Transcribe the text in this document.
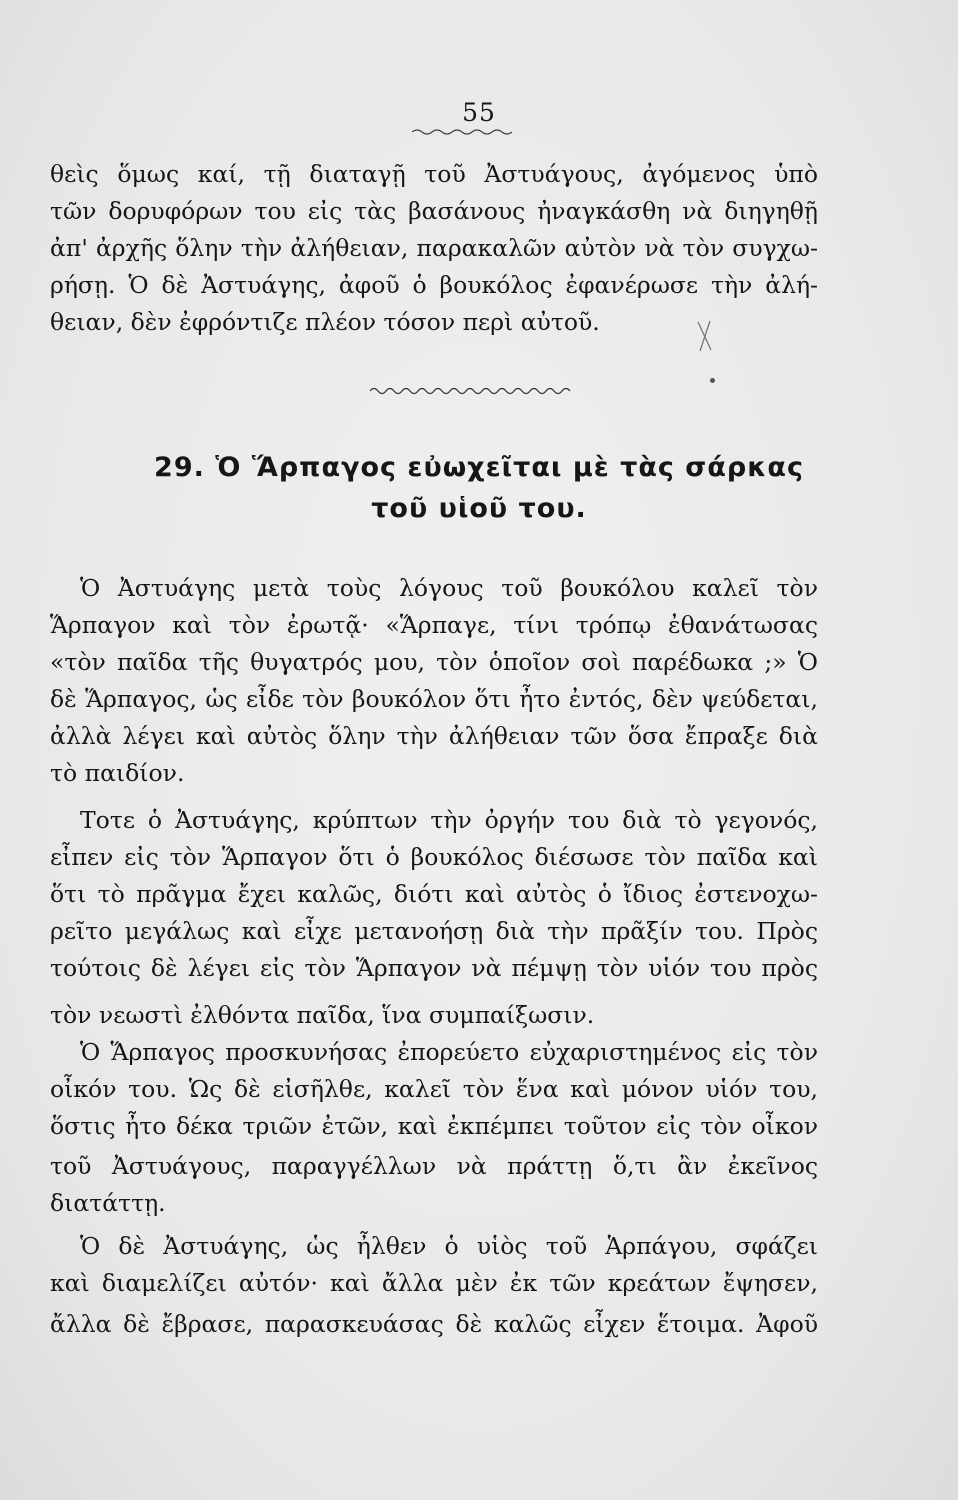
55
θεὶς ὅμως καί, τῇ διαταγῇ τοῦ Ἀστυάγους, ἀγόμενος ὑπὸ
τῶν δορυφόρων του εἰς τὰς βασάνους ἠναγκάσθη νὰ διηγηθῇ
ἀπ' ἀρχῆς ὅλην τὴν ἀλήθειαν, παρακαλῶν αὐτὸν νὰ τὸν συγχω-
ρήσῃ. Ὁ δὲ Ἀστυάγης, ἀφοῦ ὁ βουκόλος ἐφανέρωσε τὴν ἀλή-
θειαν, δὲν ἐφρόντιζε πλέον τόσον περὶ αὐτοῦ.
29. Ὁ Ἅρπαγος εὐωχεῖται μὲ τὰς σάρκας
τοῦ υἱοῦ του.
Ὁ Ἀστυάγης μετὰ τοὺς λόγους τοῦ βουκόλου καλεῖ τὸν
Ἅρπαγον καὶ τὸν ἐρωτᾷ· «Ἅρπαγε, τίνι τρόπῳ ἐθανάτωσας
«τὸν παῖδα τῆς θυγατρός μου, τὸν ὁποῖον σοὶ παρέδωκα ;» Ὁ
δὲ Ἅρπαγος, ὡς εἶδε τὸν βουκόλον ὅτι ἦτο ἐντός, δὲν ψεύδεται,
ἀλλὰ λέγει καὶ αὐτὸς ὅλην τὴν ἀλήθειαν τῶν ὅσα ἔπραξε διὰ
τὸ παιδίον.
Τοτε ὁ Ἀστυάγης, κρύπτων τὴν ὀργήν του διὰ τὸ γεγονός,
εἶπεν εἰς τὸν Ἅρπαγον ὅτι ὁ βουκόλος διέσωσε τὸν παῖδα καὶ
ὅτι τὸ πρᾶγμα ἔχει καλῶς, διότι καὶ αὐτὸς ὁ ἴδιος ἐστενοχω-
ρεῖτο μεγάλως καὶ εἶχε μετανοήσῃ διὰ τὴν πρᾶξίν του. Πρὸς
τούτοις δὲ λέγει εἰς τὸν Ἅρπαγον νὰ πέμψῃ τὸν υἱόν του πρὸς
τὸν νεωστὶ ἐλθόντα παῖδα, ἵνα συμπαίξωσιν.
Ὁ Ἅρπαγος προσκυνήσας ἐπορεύετο εὐχαριστημένος εἰς τὸν
οἶκόν του. Ὡς δὲ εἰσῆλθε, καλεῖ τὸν ἕνα καὶ μόνον υἱόν του,
ὅστις ἦτο δέκα τριῶν ἐτῶν, καὶ ἐκπέμπει τοῦτον εἰς τὸν οἶκον
τοῦ Ἀστυάγους, παραγγέλλων νὰ πράττῃ ὅ,τι ἂν ἐκεῖνος
διατάττῃ.
Ὁ δὲ Ἀστυάγης, ὡς ἦλθεν ὁ υἱὸς τοῦ Ἁρπάγου, σφάζει
καὶ διαμελίζει αὐτόν· καὶ ἄλλα μὲν ἐκ τῶν κρεάτων ἔψησεν,
ἄλλα δὲ ἔβρασε, παρασκευάσας δὲ καλῶς εἶχεν ἕτοιμα. Ἀφοῦ
